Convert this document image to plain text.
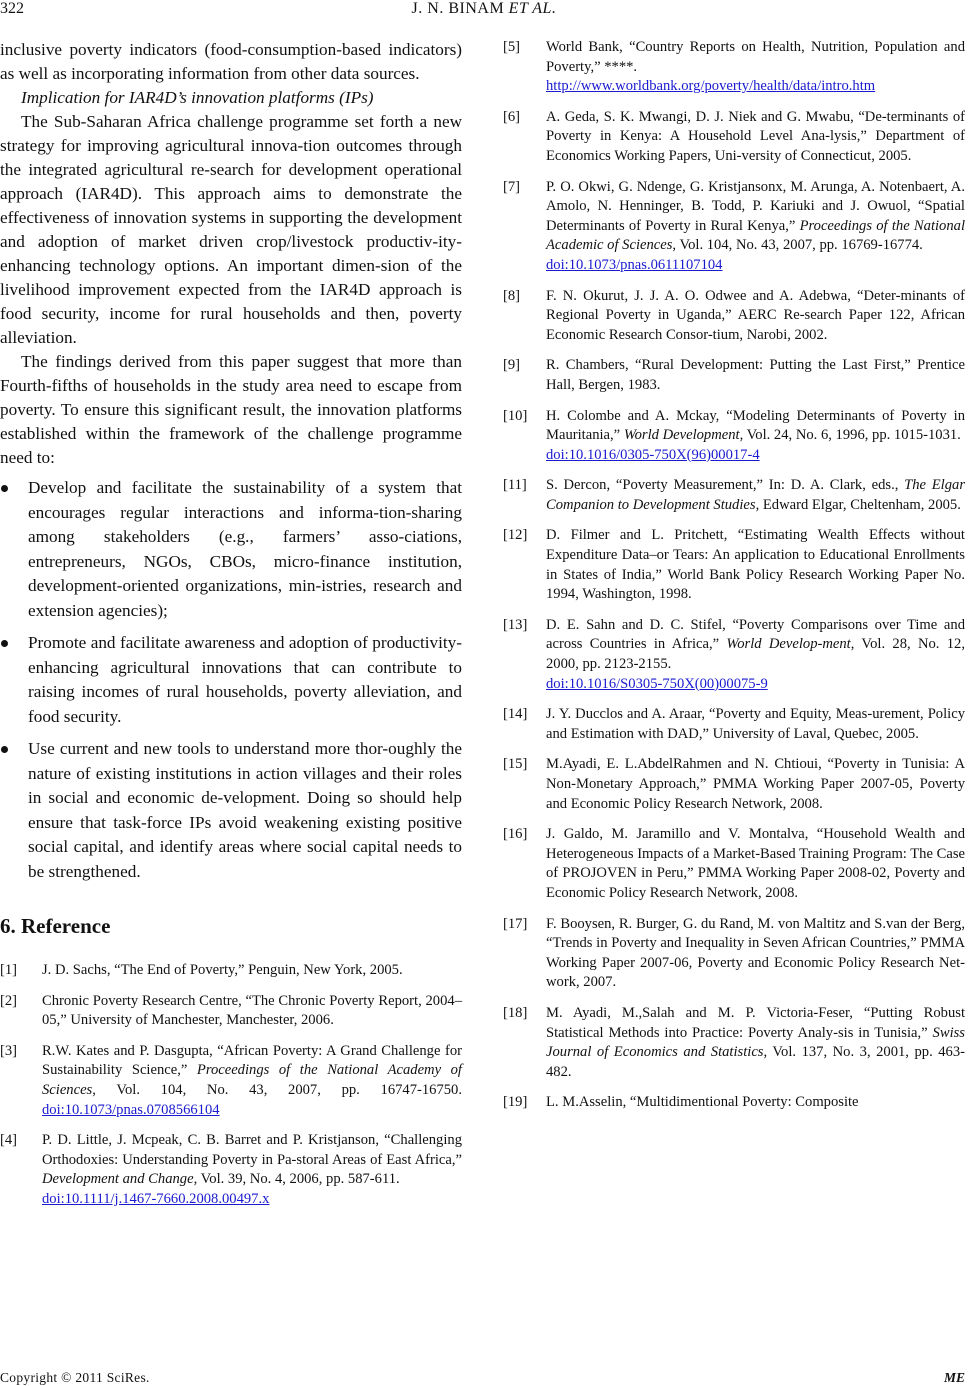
322	J. N. BINAM ET AL.

inclusive poverty indicators (food-consumption-based indicators) as well as incorporating information from other data sources.

Implication for IAR4D’s innovation platforms (IPs)

The Sub-Saharan Africa challenge programme set forth a new strategy for improving agricultural innova-tion outcomes through the integrated agricultural re-search for development operational approach (IAR4D). This approach aims to demonstrate the effectiveness of innovation systems in supporting the development and adoption of market driven crop/livestock productiv-ity-enhancing technology options. An important dimen-sion of the livelihood improvement expected from the IAR4D approach is food security, income for rural households and then, poverty alleviation.

The findings derived from this paper suggest that more than Fourth-fifths of households in the study area need to escape from poverty. To ensure this significant result, the innovation platforms established within the framework of the challenge programme need to:

Develop and facilitate the sustainability of a system that encourages regular interactions and informa-tion-sharing among stakeholders (e.g., farmers’ asso-ciations, entrepreneurs, NGOs, CBOs, micro-finance institution, development-oriented organizations, min-istries, research and extension agencies);
Promote and facilitate awareness and adoption of productivity-enhancing agricultural innovations that can contribute to raising incomes of rural households, poverty alleviation, and food security.
Use current and new tools to understand more thor-oughly the nature of existing institutions in action villages and their roles in social and economic de-velopment. Doing so should help ensure that task-force IPs avoid weakening existing positive social capital, and identify areas where social capital needs to be strengthened.
6. Reference
[1]	J. D. Sachs, “The End of Poverty,” Penguin, New York, 2005.
[2]	Chronic Poverty Research Centre, “The Chronic Poverty Report, 2004–05,” University of Manchester, Manchester, 2006.
[3]	R.W. Kates and P. Dasgupta, “African Poverty: A Grand Challenge for Sustainability Science,” Proceedings of the National Academy of Sciences, Vol. 104, No. 43, 2007, pp. 16747-16750. doi:10.1073/pnas.0708566104
[4]	P. D. Little, J. Mcpeak, C. B. Barret and P. Kristjanson, “Challenging Orthodoxies: Understanding Poverty in Pa-storal Areas of East Africa,” Development and Change, Vol. 39, No. 4, 2006, pp. 587-611.
doi:10.1111/j.1467-7660.2008.00497.x
[5]	World Bank, “Country Reports on Health, Nutrition, Population and Poverty,” ****.
http://www.worldbank.org/poverty/health/data/intro.htm
[6]	A. Geda, S. K. Mwangi, D. J. Niek and G. Mwabu, “De-terminants of Poverty in Kenya: A Household Level Ana-lysis,” Department of Economics Working Papers, Uni-versity of Connecticut, 2005.
[7]	P. O. Okwi, G. Ndenge, G. Kristjansonx, M. Arunga, A. Notenbaert, A. Amolo, N. Henninger, B. Todd, P. Kariuki and J. Owuol, “Spatial Determinants of Poverty in Rural Kenya,” Proceedings of the National Academic of Sciences, Vol. 104, No. 43, 2007, pp. 16769-16774.
doi:10.1073/pnas.0611107104
[8]	F. N. Okurut, J. J. A. O. Odwee and A. Adebwa, “Deter-minants of Regional Poverty in Uganda,” AERC Re-search Paper 122, African Economic Research Consor-tium, Narobi, 2002.
[9]	R. Chambers, “Rural Development: Putting the Last First,” Prentice Hall, Bergen, 1983.
[10]	H. Colombe and A. Mckay, “Modeling Determinants of Poverty in Mauritania,” World Development, Vol. 24, No. 6, 1996, pp. 1015-1031.
doi:10.1016/0305-750X(96)00017-4
[11]	S. Dercon, “Poverty Measurement,” In: D. A. Clark, eds., The Elgar Companion to Development Studies, Edward Elgar, Cheltenham, 2005.
[12]	D. Filmer and L. Pritchett, “Estimating Wealth Effects without Expenditure Data–or Tears: An application to Educational Enrollments in States of India,” World Bank Policy Research Working Paper No. 1994, Washington, 1998.
[13]	D. E. Sahn and D. C. Stifel, “Poverty Comparisons over Time and across Countries in Africa,” World Develop-ment, Vol. 28, No. 12, 2000, pp. 2123-2155.
doi:10.1016/S0305-750X(00)00075-9
[14]	J. Y. Ducclos and A. Araar, “Poverty and Equity, Meas-urement, Policy and Estimation with DAD,” University of Laval, Quebec, 2005.
[15]	M.Ayadi, E. L.AbdelRahmen and N. Chtioui, “Poverty in Tunisia: A Non-Monetary Approach,” PMMA Working Paper 2007-05, Poverty and Economic Policy Research Network, 2008.
[16]	J. Galdo, M. Jaramillo and V. Montalva, “Household Wealth and Heterogeneous Impacts of a Market-Based Training Program: The Case of PROJOVEN in Peru,” PMMA Working Paper 2008-02, Poverty and Economic Policy Research Network, 2008.
[17]	F. Booysen, R. Burger, G. du Rand, M. von Maltitz and S.van der Berg, “Trends in Poverty and Inequality in Seven African Countries,” PMMA Working Paper 2007-06, Poverty and Economic Policy Research Net-work, 2007.
[18]	M. Ayadi, M.,Salah and M. P. Victoria-Feser, “Putting Robust Statistical Methods into Practice: Poverty Analy-sis in Tunisia,” Swiss Journal of Economics and Statistics, Vol. 137, No. 3, 2001, pp. 463-482.
[19]	L. M.Asselin, “Multidimentional Poverty: Composite
Copyright © 2011 SciRes.	ME
